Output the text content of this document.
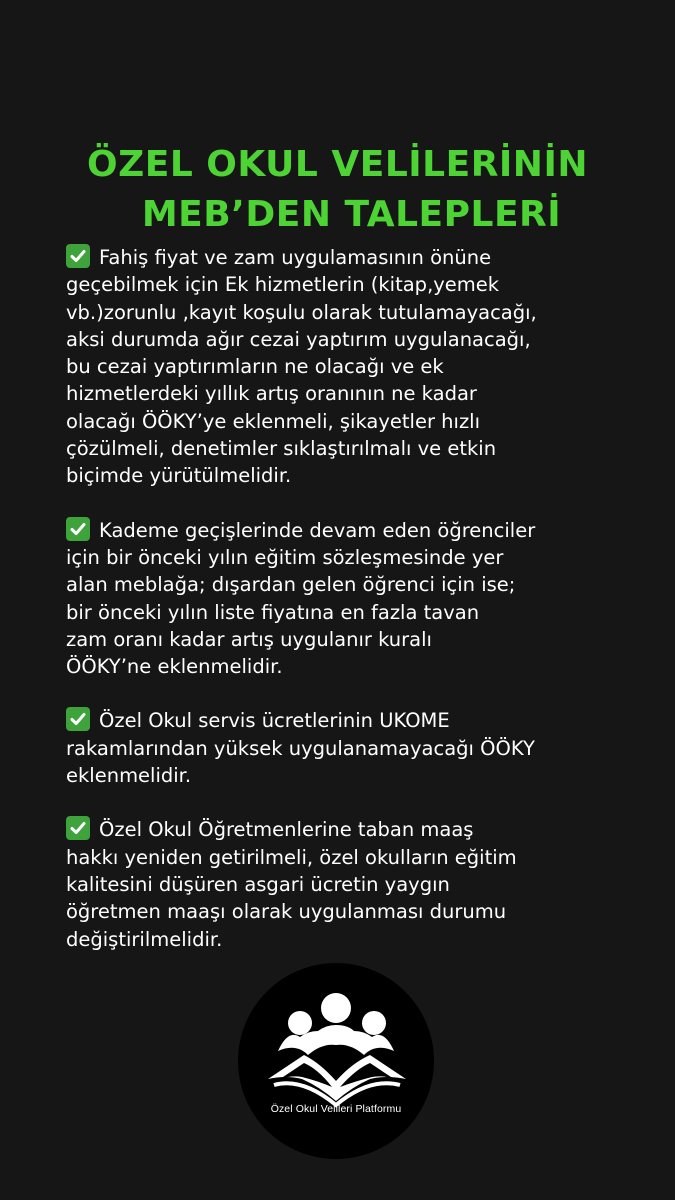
ÖZEL OKUL VELİLERİNİN
MEB’DEN TALEPLERİ

Fahiş fiyat ve zam uygulamasının önüne
geçebilmek için Ek hizmetlerin (kitap,yemek
vb.)zorunlu ,kayıt koşulu olarak tutulamayacağı,
aksi durumda ağır cezai yaptırım uygulanacağı,
bu cezai yaptırımların ne olacağı ve ek
hizmetlerdeki yıllık artış oranının ne kadar
olacağı ÖÖKY’ye eklenmeli, şikayetler hızlı
çözülmeli, denetimler sıklaştırılmalı ve etkin
biçimde yürütülmelidir.

Kademe geçişlerinde devam eden öğrenciler
için bir önceki yılın eğitim sözleşmesinde yer
alan meblağa; dışardan gelen öğrenci için ise;
bir önceki yılın liste fiyatına en fazla tavan
zam oranı kadar artış uygulanır kuralı
ÖÖKY’ne eklenmelidir.

Özel Okul servis ücretlerinin UKOME
rakamlarından yüksek uygulanamayacağı ÖÖKY
eklenmelidir.

Özel Okul Öğretmenlerine taban maaş
hakkı yeniden getirilmeli, özel okulların eğitim
kalitesini düşüren asgari ücretin yaygın
öğretmen maaşı olarak uygulanması durumu
değiştirilmelidir.

Özel Okul Velileri Platformu
